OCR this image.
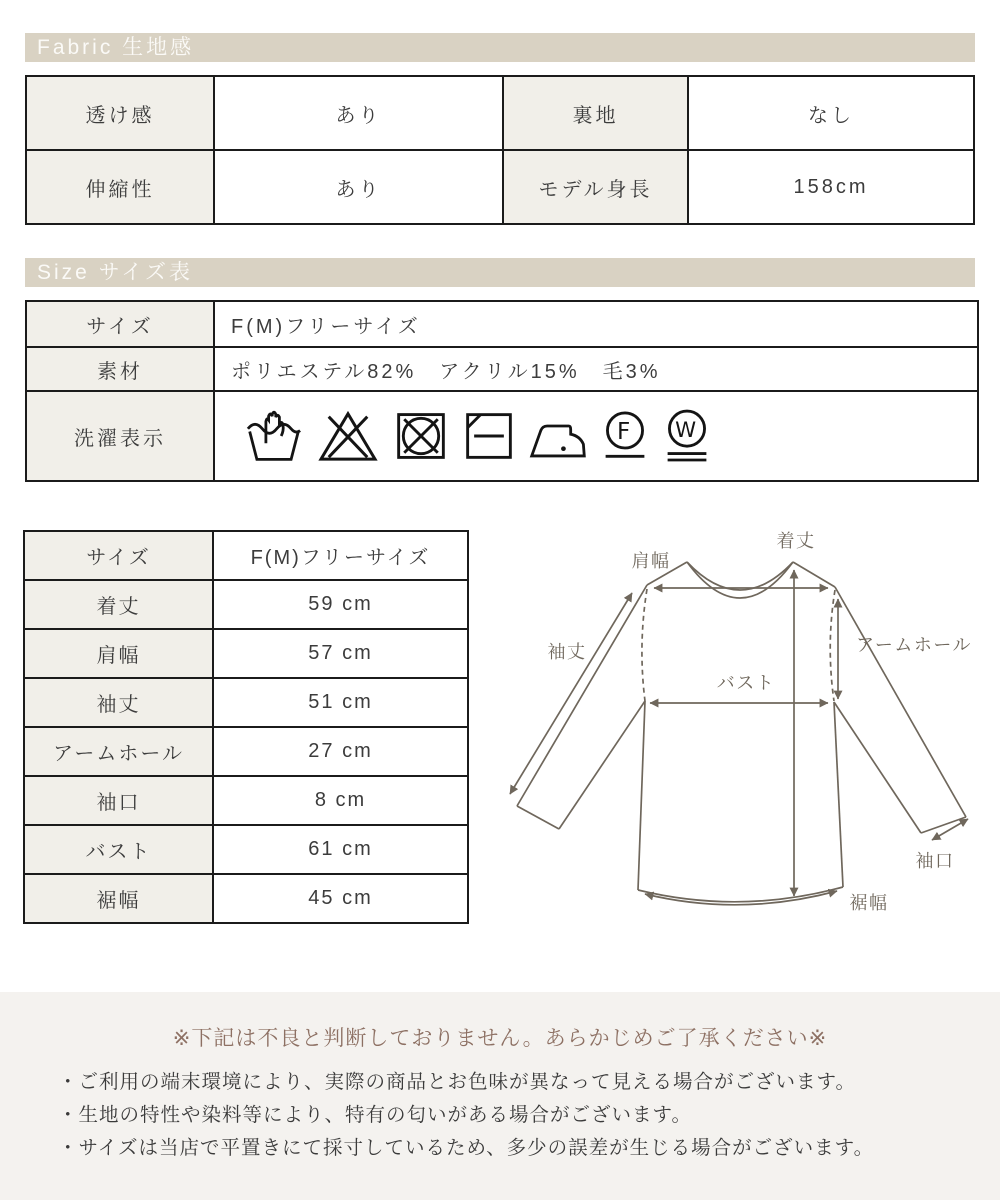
Fabric 生地感
透け感	あり	裏地	なし
伸縮性	あり	モデル身長	158cm
Size サイズ表
サイズ	F(M)フリーサイズ
素材	ポリエステル82%　アクリル15%　毛3%
洗濯表示	F W
サイズ	F(M)フリーサイズ
着丈	59 cm
肩幅	57 cm
袖丈	51 cm
アームホール	27 cm
袖口	8 cm
バスト	61 cm
裾幅	45 cm
肩幅
着丈
袖丈	アームホール
バスト
袖口
裾幅
※下記は不良と判断しておりません。あらかじめご了承ください※
・ご利用の端末環境により、実際の商品とお色味が異なって見える場合がございます。
・生地の特性や染料等により、特有の匂いがある場合がございます。
・サイズは当店で平置きにて採寸しているため、多少の誤差が生じる場合がございます。
